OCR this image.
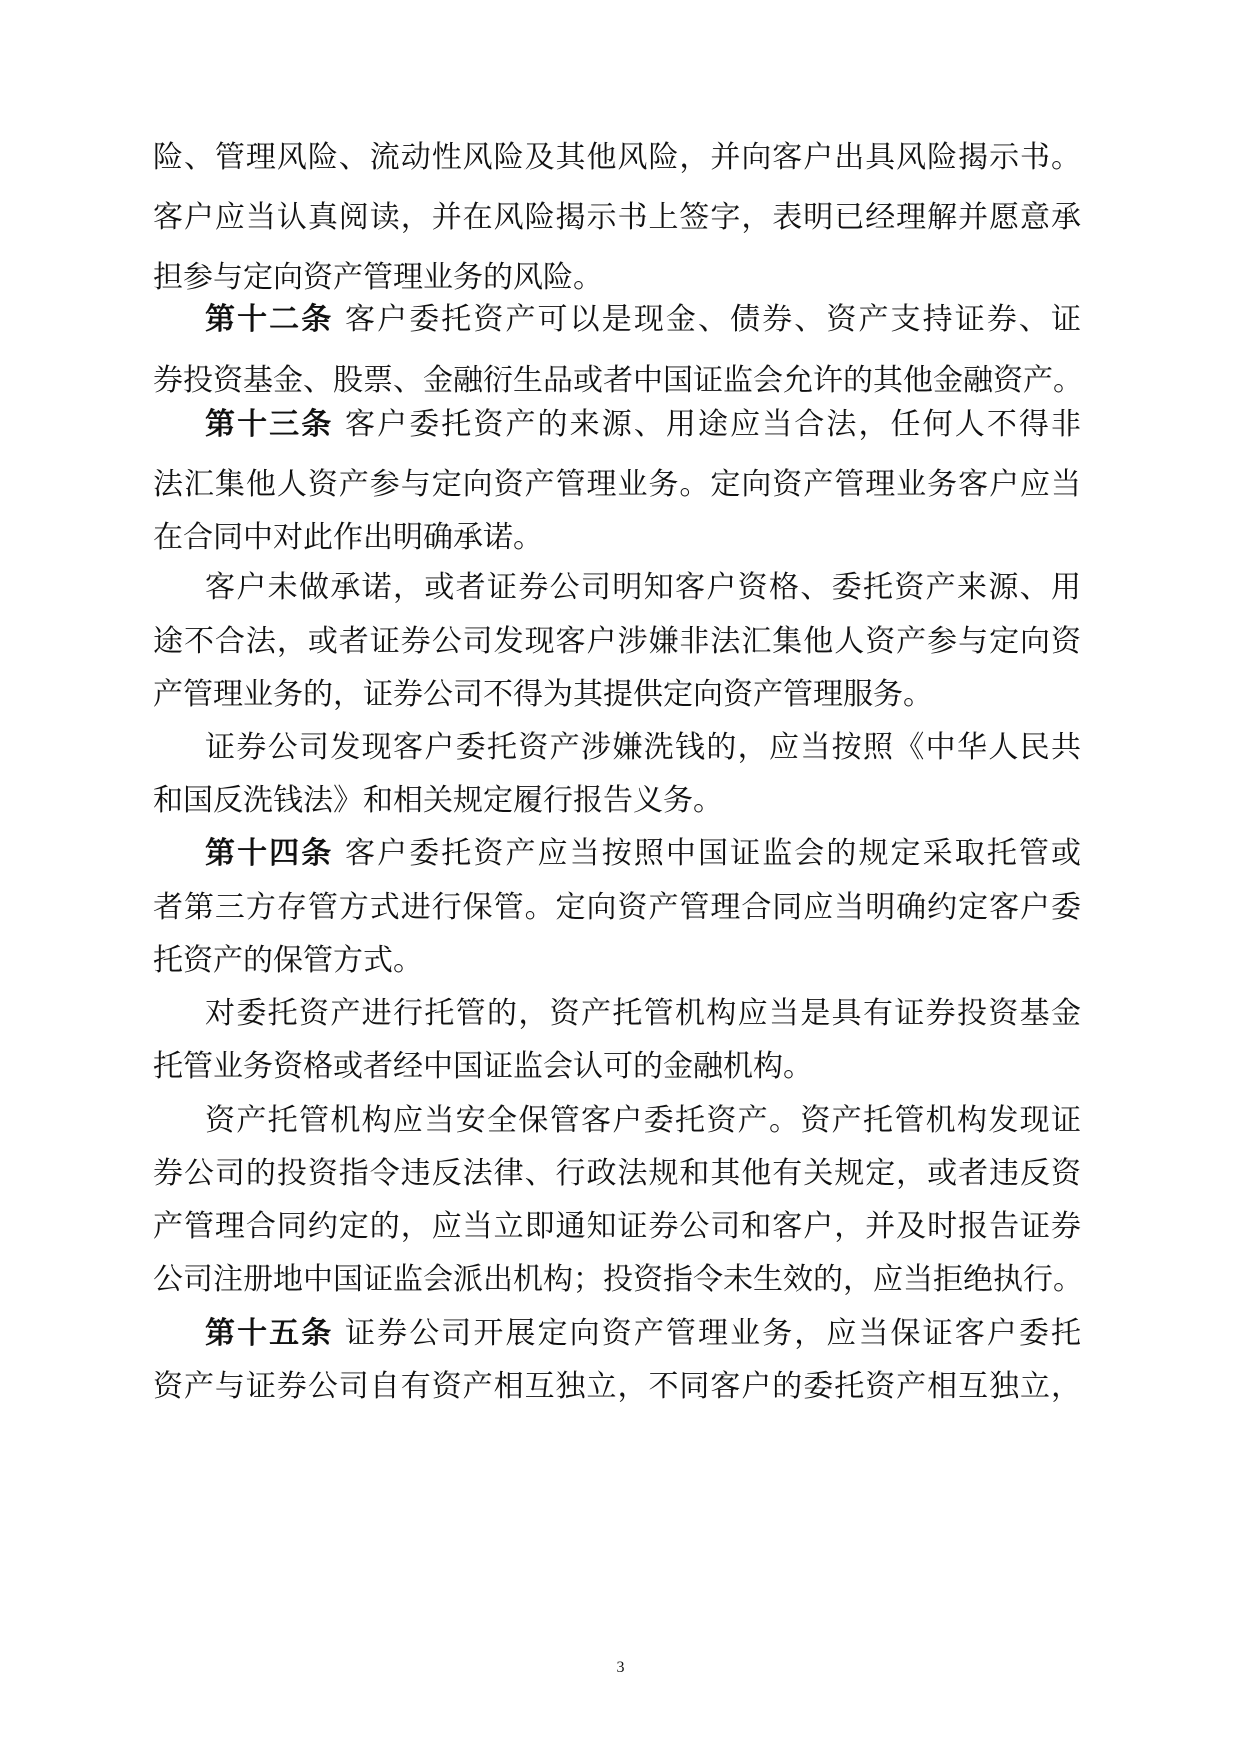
险、管理风险、流动性风险及其他风险，并向客户出具风险揭示书。
客户应当认真阅读，并在风险揭示书上签字，表明已经理解并愿意承
担参与定向资产管理业务的风险。
第十二条 客户委托资产可以是现金、债券、资产支持证券、证
券投资基金、股票、金融衍生品或者中国证监会允许的其他金融资产。
第十三条 客户委托资产的来源、用途应当合法，任何人不得非
法汇集他人资产参与定向资产管理业务。定向资产管理业务客户应当
在合同中对此作出明确承诺。
客户未做承诺，或者证券公司明知客户资格、委托资产来源、用
途不合法，或者证券公司发现客户涉嫌非法汇集他人资产参与定向资
产管理业务的，证券公司不得为其提供定向资产管理服务。
证券公司发现客户委托资产涉嫌洗钱的，应当按照《中华人民共
和国反洗钱法》和相关规定履行报告义务。
第十四条 客户委托资产应当按照中国证监会的规定采取托管或
者第三方存管方式进行保管。定向资产管理合同应当明确约定客户委
托资产的保管方式。
对委托资产进行托管的，资产托管机构应当是具有证券投资基金
托管业务资格或者经中国证监会认可的金融机构。
资产托管机构应当安全保管客户委托资产。资产托管机构发现证
券公司的投资指令违反法律、行政法规和其他有关规定，或者违反资
产管理合同约定的，应当立即通知证券公司和客户，并及时报告证券
公司注册地中国证监会派出机构；投资指令未生效的，应当拒绝执行。
第十五条 证券公司开展定向资产管理业务，应当保证客户委托
资产与证券公司自有资产相互独立，不同客户的委托资产相互独立，
3
